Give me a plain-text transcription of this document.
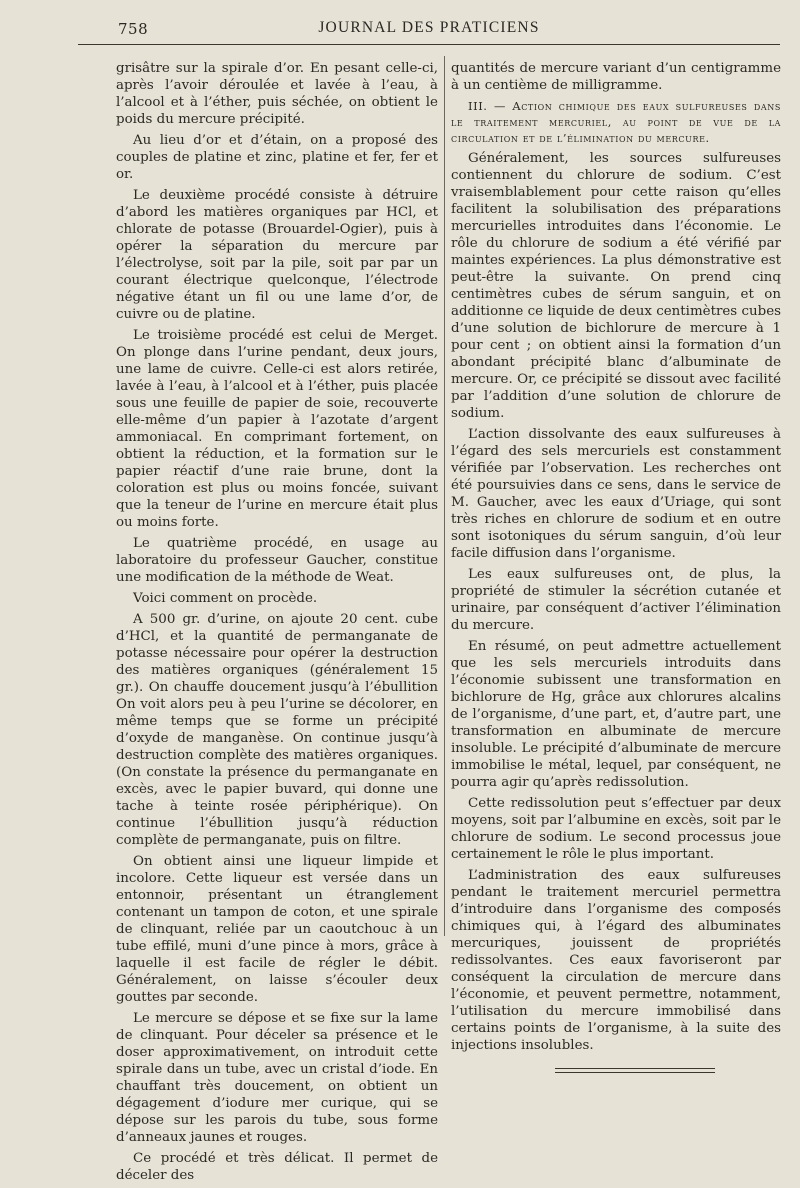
758	JOURNAL DES PRATICIENS

grisâtre sur la spirale d’or. En pesant celle-ci, après l’avoir déroulée et lavée à l’eau, à l’alcool et à l’éther, puis séchée, on obtient le poids du mercure précipité.

Au lieu d’or et d’étain, on a proposé des couples de platine et zinc, platine et fer, fer et or.

Le deuxième procédé consiste à détruire d’abord les matières organiques par HCl, et chlorate de potasse (Brouardel-Ogier), puis à opérer la séparation du mercure par l’électrolyse, soit par la pile, soit par par un courant électrique quelconque, l’électrode négative étant un fil ou une lame d’or, de cuivre ou de platine.

Le troisième procédé est celui de Merget. On plonge dans l’urine pendant, deux jours, une lame de cuivre. Celle-ci est alors retirée, lavée à l’eau, à l’alcool et à l’éther, puis placée sous une feuille de papier de soie, recouverte elle-même d’un papier à l’azotate d’argent ammoniacal. En comprimant fortement, on obtient la réduction, et la formation sur le papier réactif d’une raie brune, dont la coloration est plus ou moins foncée, suivant que la teneur de l’urine en mercure était plus ou moins forte.

Le quatrième procédé, en usage au laboratoire du professeur Gaucher, constitue une modification de la méthode de Weat.

Voici comment on procède.

A 500 gr. d’urine, on ajoute 20 cent. cube d’HCl, et la quantité de permanganate de potasse nécessaire pour opérer la destruction des matières organiques (généralement 15 gr.). On chauffe doucement jusqu’à l’ébullition On voit alors peu à peu l’urine se décolorer, en même temps que se forme un précipité d’oxyde de manganèse. On continue jusqu’à destruction complète des matières organiques. (On constate la présence du permanganate en excès, avec le papier buvard, qui donne une tache à teinte rosée périphérique). On continue l’ébullition jusqu’à réduction complète de permanganate, puis on filtre.

On obtient ainsi une liqueur limpide et incolore. Cette liqueur est versée dans un entonnoir, présentant un étranglement contenant un tampon de coton, et une spirale de clinquant, reliée par un caoutchouc à un tube effilé, muni d’une pince à mors, grâce à laquelle il est facile de régler le débit. Généralement, on laisse s’écouler deux gouttes par seconde.

Le mercure se dépose et se fixe sur la lame de clinquant. Pour déceler sa présence et le doser approximativement, on introduit cette spirale dans un tube, avec un cristal d’iode. En chauffant très doucement, on obtient un dégagement d’iodure mer curique, qui se dépose sur les parois du tube, sous forme d’anneaux jaunes et rouges.

Ce procédé et très délicat. Il permet de déceler des

quantités de mercure variant d’un centigramme à un centième de milligramme.

III. — Action chimique des eaux sulfureuses dans le traitement mercuriel, au point de vue de la circulation et de l’élimination du mercure.

Généralement, les sources sulfureuses contiennent du chlorure de sodium. C’est vraisemblablement pour cette raison qu’elles facilitent la solubilisation des préparations mercurielles introduites dans l’économie. Le rôle du chlorure de sodium a été vérifié par maintes expériences. La plus démonstrative est peut-être la suivante. On prend cinq centimètres cubes de sérum sanguin, et on additionne ce liquide de deux centimètres cubes d’une solution de bichlorure de mercure à 1 pour cent ; on obtient ainsi la formation d’un abondant précipité blanc d’albuminate de mercure. Or, ce précipité se dissout avec facilité par l’addition d’une solution de chlorure de sodium.

L’action dissolvante des eaux sulfureuses à l’égard des sels mercuriels est constamment vérifiée par l’observation. Les recherches ont été poursuivies dans ce sens, dans le service de M. Gaucher, avec les eaux d’Uriage, qui sont très riches en chlorure de sodium et en outre sont isotoniques du sérum sanguin, d’où leur facile diffusion dans l’organisme.

Les eaux sulfureuses ont, de plus, la propriété de stimuler la sécrétion cutanée et urinaire, par conséquent d’activer l’élimination du mercure.

En résumé, on peut admettre actuellement que les sels mercuriels introduits dans l’économie subissent une transformation en bichlorure de Hg, grâce aux chlorures alcalins de l’organisme, d’une part, et, d’autre part, une transformation en albuminate de mercure insoluble. Le précipité d’albuminate de mercure immobilise le métal, lequel, par conséquent, ne pourra agir qu’après redissolution.

Cette redissolution peut s’effectuer par deux moyens, soit par l’albumine en excès, soit par le chlorure de sodium. Le second processus joue certainement le rôle le plus important.

L’administration des eaux sulfureuses pendant le traitement mercuriel permettra d’introduire dans l’organisme des composés chimiques qui, à l’égard des albuminates mercuriques, jouissent de propriétés redissolvantes. Ces eaux favoriseront par conséquent la circulation de mercure dans l’économie, et peuvent permettre, notamment, l’utilisation du mercure immobilisé dans certains points de l’organisme, à la suite des injections insolubles.
